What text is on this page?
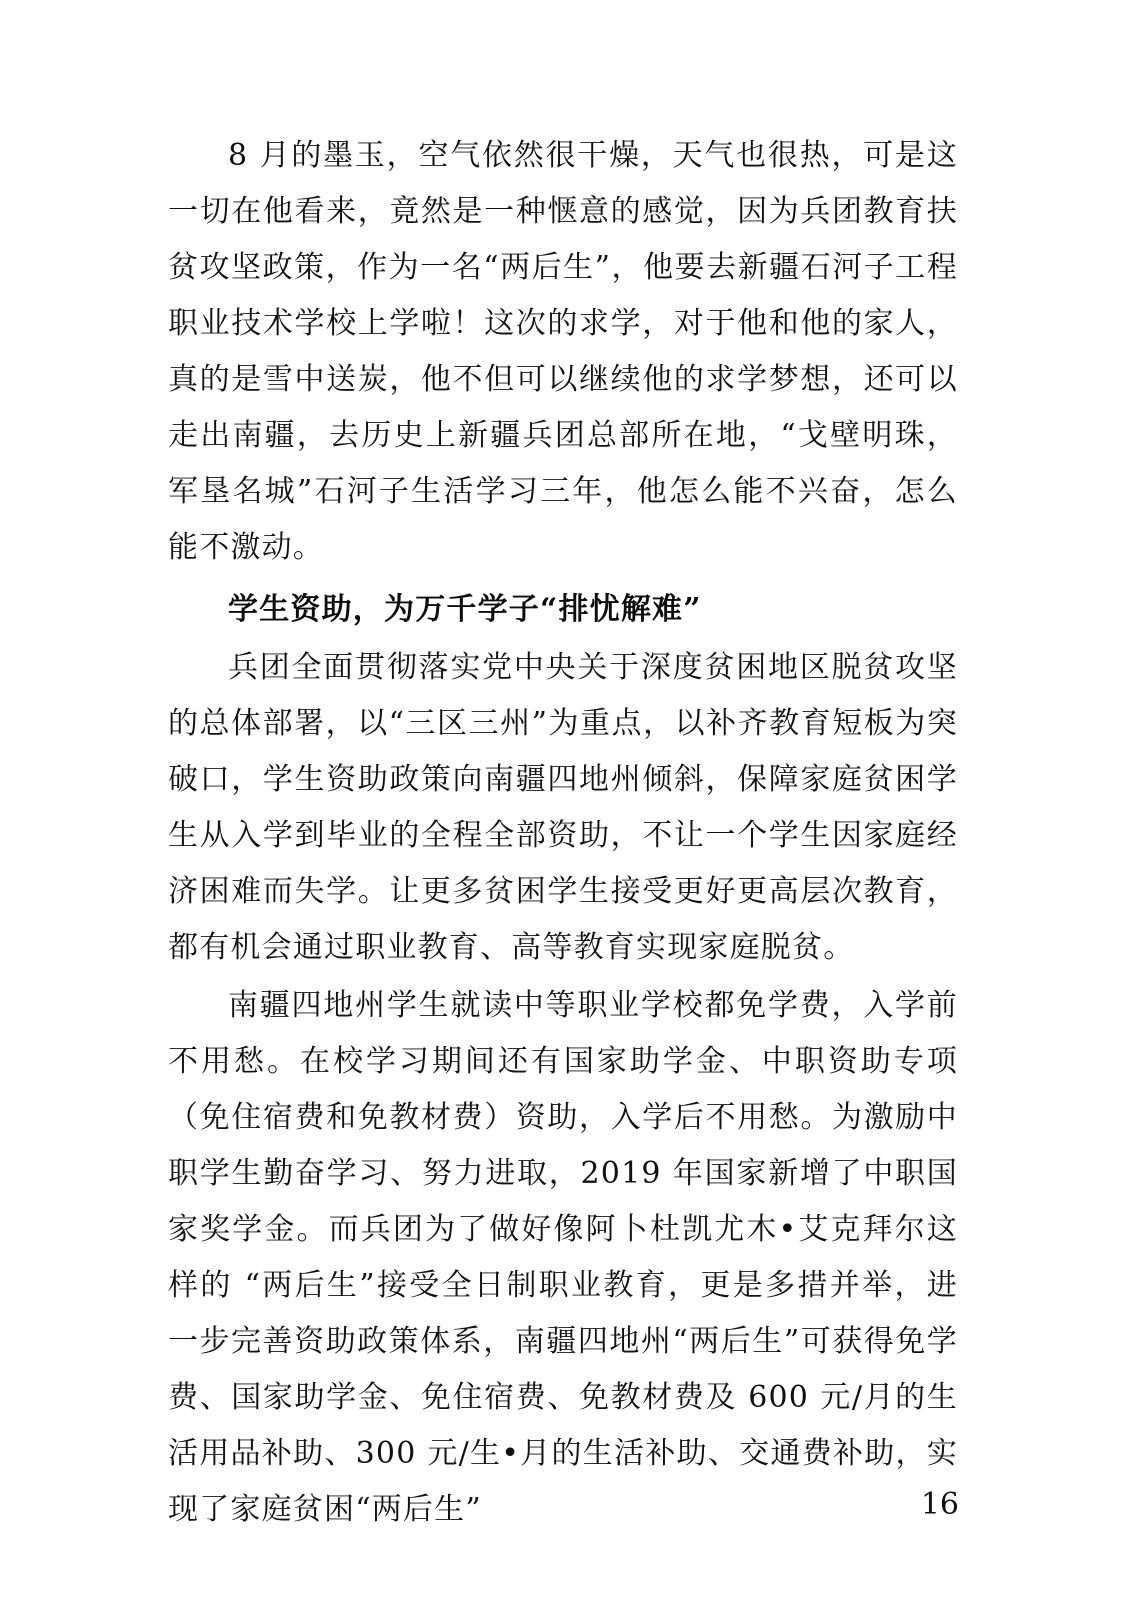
8 月的墨玉，空气依然很干燥，天气也很热，可是这一切在他看来，竟然是一种惬意的感觉，因为兵团教育扶贫攻坚政策，作为一名“两后生”，他要去新疆石河子工程职业技术学校上学啦！这次的求学，对于他和他的家人，真的是雪中送炭，他不但可以继续他的求学梦想，还可以走出南疆，去历史上新疆兵团总部所在地，“戈壁明珠，军垦名城”石河子生活学习三年，他怎么能不兴奋，怎么能不激动。

学生资助，为万千学子“排忧解难”

兵团全面贯彻落实党中央关于深度贫困地区脱贫攻坚的总体部署，以“三区三州”为重点，以补齐教育短板为突破口，学生资助政策向南疆四地州倾斜，保障家庭贫困学生从入学到毕业的全程全部资助，不让一个学生因家庭经济困难而失学。让更多贫困学生接受更好更高层次教育，都有机会通过职业教育、高等教育实现家庭脱贫。

南疆四地州学生就读中等职业学校都免学费，入学前不用愁。在校学习期间还有国家助学金、中职资助专项（免住宿费和免教材费）资助，入学后不用愁。为激励中职学生勤奋学习、努力进取，2019 年国家新增了中职国家奖学金。而兵团为了做好像阿卜杜凯尤木•艾克拜尔这样的 “两后生”接受全日制职业教育，更是多措并举，进一步完善资助政策体系，南疆四地州“两后生”可获得免学费、国家助学金、免住宿费、免教材费及 600 元/月的生活用品补助、300 元/生•月的生活补助、交通费补助，实现了家庭贫困“两后生”	16
